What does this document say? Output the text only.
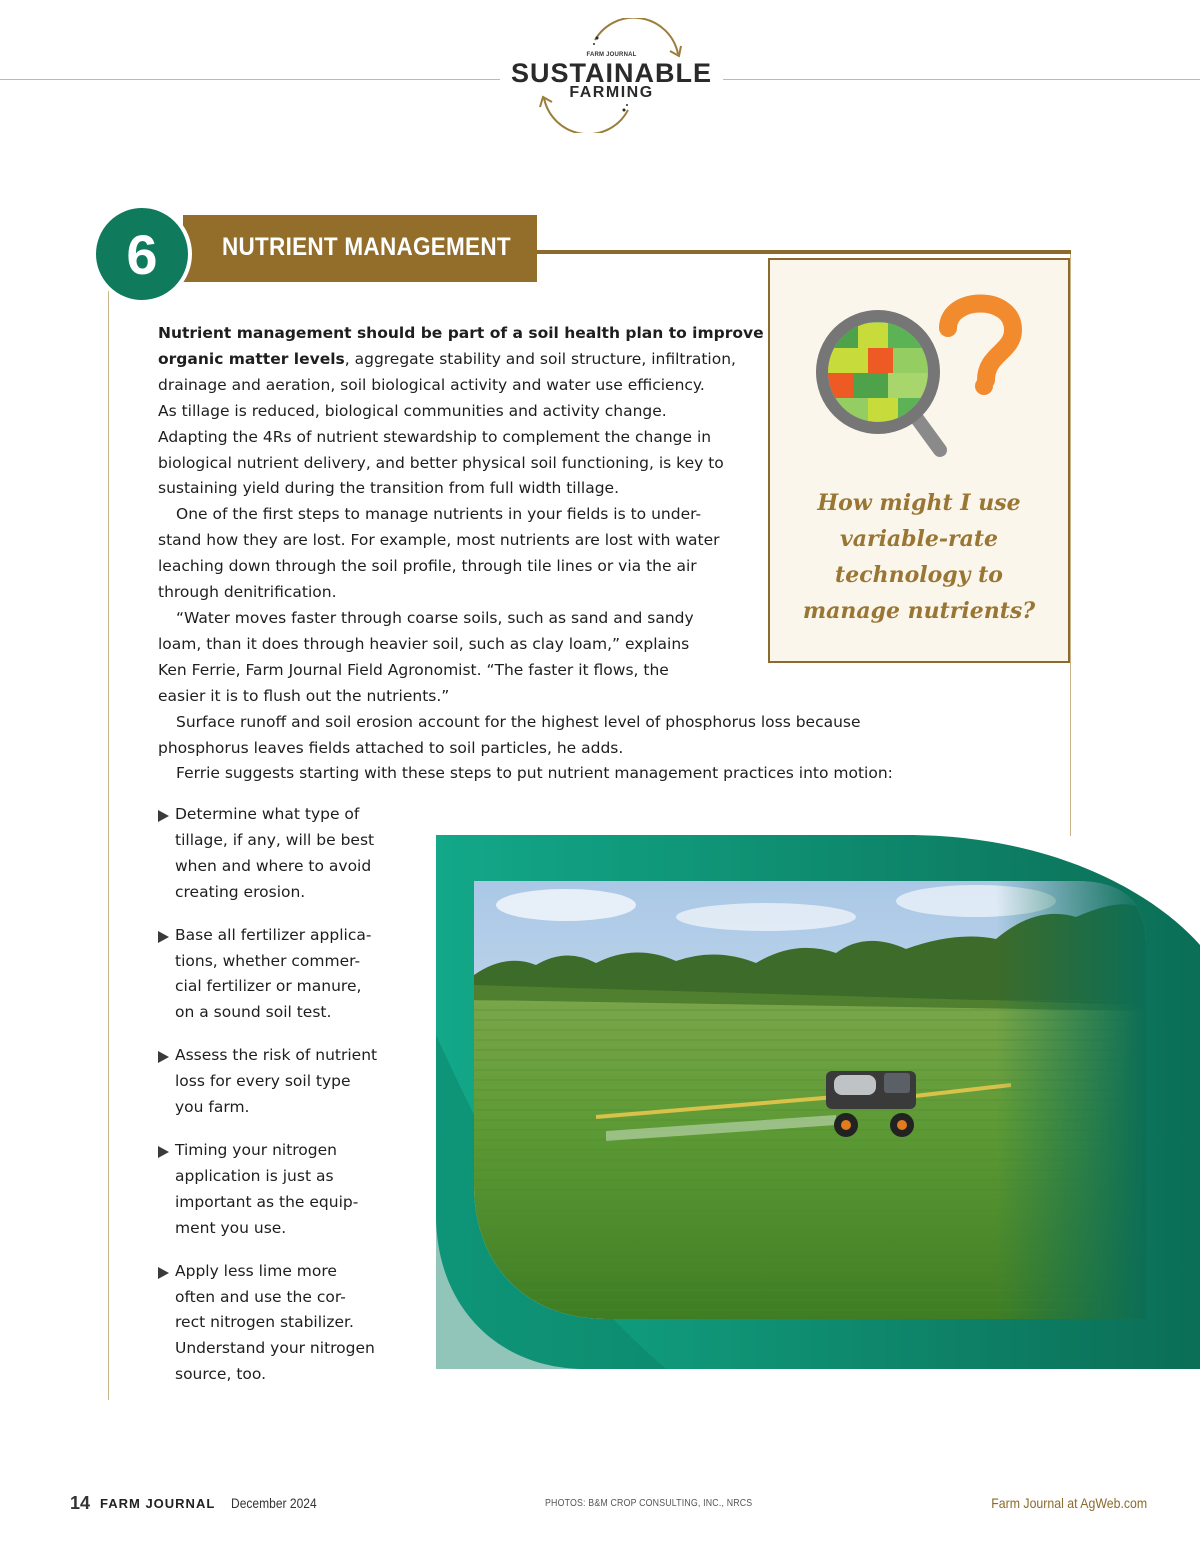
FARM JOURNAL
SUSTAINABLE
FARMING
NUTRIENT MANAGEMENT
6
How might I use
variable-rate
technology to
manage nutrients?

Nutrient management should be part of a soil health plan to improve

organic matter levels, aggregate stability and soil structure, infiltration,

drainage and aeration, soil biological activity and water use efficiency.

As tillage is reduced, biological communities and activity change.

Adapting the 4Rs of nutrient stewardship to complement the change in

biological nutrient delivery, and better physical soil functioning, is key to

sustaining yield during the transition from full width tillage.

One of the first steps to manage nutrients in your fields is to under-

stand how they are lost. For example, most nutrients are lost with water

leaching down through the soil profile, through tile lines or via the air

through denitrification.

“Water moves faster through coarse soils, such as sand and sandy

loam, than it does through heavier soil, such as clay loam,” explains

Ken Ferrie, Farm Journal Field Agronomist. “The faster it flows, the

easier it is to flush out the nutrients.”

Surface runoff and soil erosion account for the highest level of phosphorus loss because

phosphorus leaves fields attached to soil particles, he adds.

Ferrie suggests starting with these steps to put nutrient management practices into motion:

Determine what type of
tillage, if any, will be best
when and where to avoid
creating erosion.
Base all fertilizer applica-
tions, whether commer-
cial fertilizer or manure,
on a sound soil test.
Assess the risk of nutrient
loss for every soil type
you farm.
Timing your nitrogen
application is just as
important as the equip-
ment you use.
Apply less lime more
often and use the cor-
rect nitrogen stabilizer.
Understand your nitrogen
source, too.
14 FARM JOURNAL December 2024	PHOTOS: B&M CROP CONSULTING, INC., NRCS	Farm Journal at AgWeb.com
